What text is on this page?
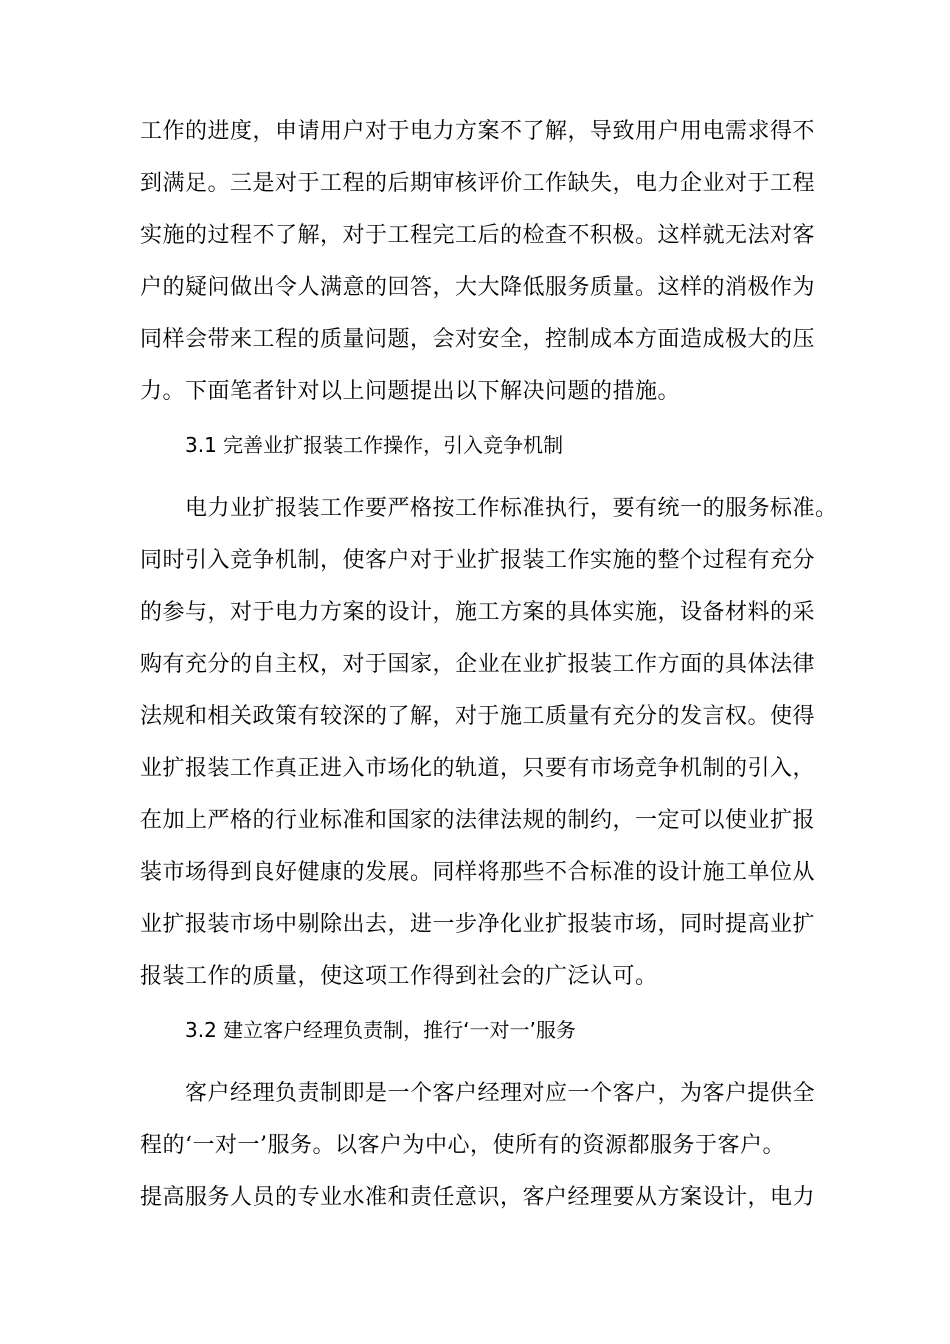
工作的进度，申请用户对于电力方案不了解，导致用户用电需求得不
到满足。三是对于工程的后期审核评价工作缺失，电力企业对于工程
实施的过程不了解，对于工程完工后的检查不积极。这样就无法对客
户的疑问做出令人满意的回答，大大降低服务质量。这样的消极作为
同样会带来工程的质量问题，会对安全，控制成本方面造成极大的压
力。下面笔者针对以上问题提出以下解决问题的措施。
3.1 完善业扩报装工作操作，引入竞争机制
电力业扩报装工作要严格按工作标准执行，要有统一的服务标准。
同时引入竞争机制，使客户对于业扩报装工作实施的整个过程有充分
的参与，对于电力方案的设计，施工方案的具体实施，设备材料的采
购有充分的自主权，对于国家，企业在业扩报装工作方面的具体法律
法规和相关政策有较深的了解，对于施工质量有充分的发言权。使得
业扩报装工作真正进入市场化的轨道，只要有市场竞争机制的引入，
在加上严格的行业标准和国家的法律法规的制约，一定可以使业扩报
装市场得到良好健康的发展。同样将那些不合标准的设计施工单位从
业扩报装市场中剔除出去，进一步净化业扩报装市场，同时提高业扩
报装工作的质量，使这项工作得到社会的广泛认可。
3.2 建立客户经理负责制，推行‘一对一’服务
客户经理负责制即是一个客户经理对应一个客户，为客户提供全
程的‘一对一’服务。以客户为中心，使所有的资源都服务于客户。
提高服务人员的专业水准和责任意识，客户经理要从方案设计，电力
